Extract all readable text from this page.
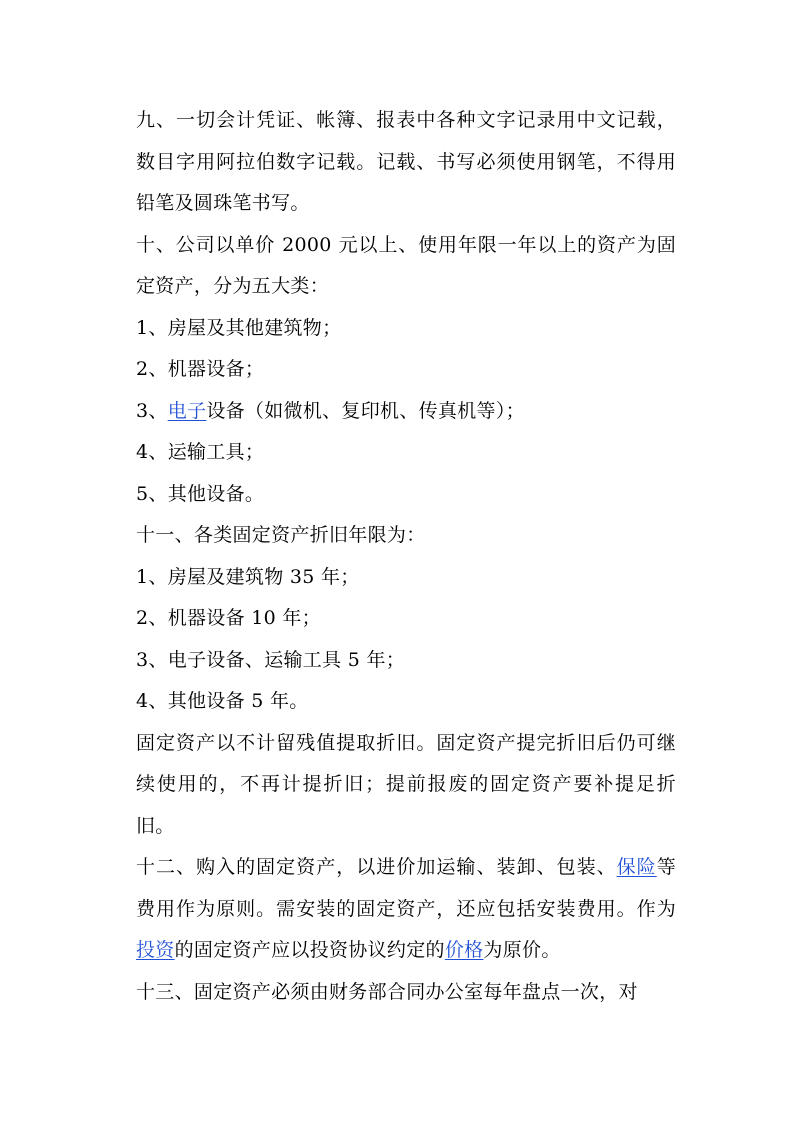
九、一切会计凭证、帐簿、报表中各种文字记录用中文记载，数目字用阿拉伯数字记载。记载、书写必须使用钢笔，不得用铅笔及圆珠笔书写。

十、公司以单价 2000 元以上、使用年限一年以上的资产为固定资产，分为五大类：

1、房屋及其他建筑物；

2、机器设备；

3、电子设备（如微机、复印机、传真机等）；

4、运输工具；

5、其他设备。

十一、各类固定资产折旧年限为：

1、房屋及建筑物 35 年；

2、机器设备 10 年；

3、电子设备、运输工具 5 年；

4、其他设备 5 年。

固定资产以不计留残值提取折旧。固定资产提完折旧后仍可继续使用的，不再计提折旧；提前报废的固定资产要补提足折旧。

十二、购入的固定资产，以进价加运输、装卸、包装、保险等费用作为原则。需安装的固定资产，还应包括安装费用。作为投资的固定资产应以投资协议约定的价格为原价。

十三、固定资产必须由财务部合同办公室每年盘点一次，对
